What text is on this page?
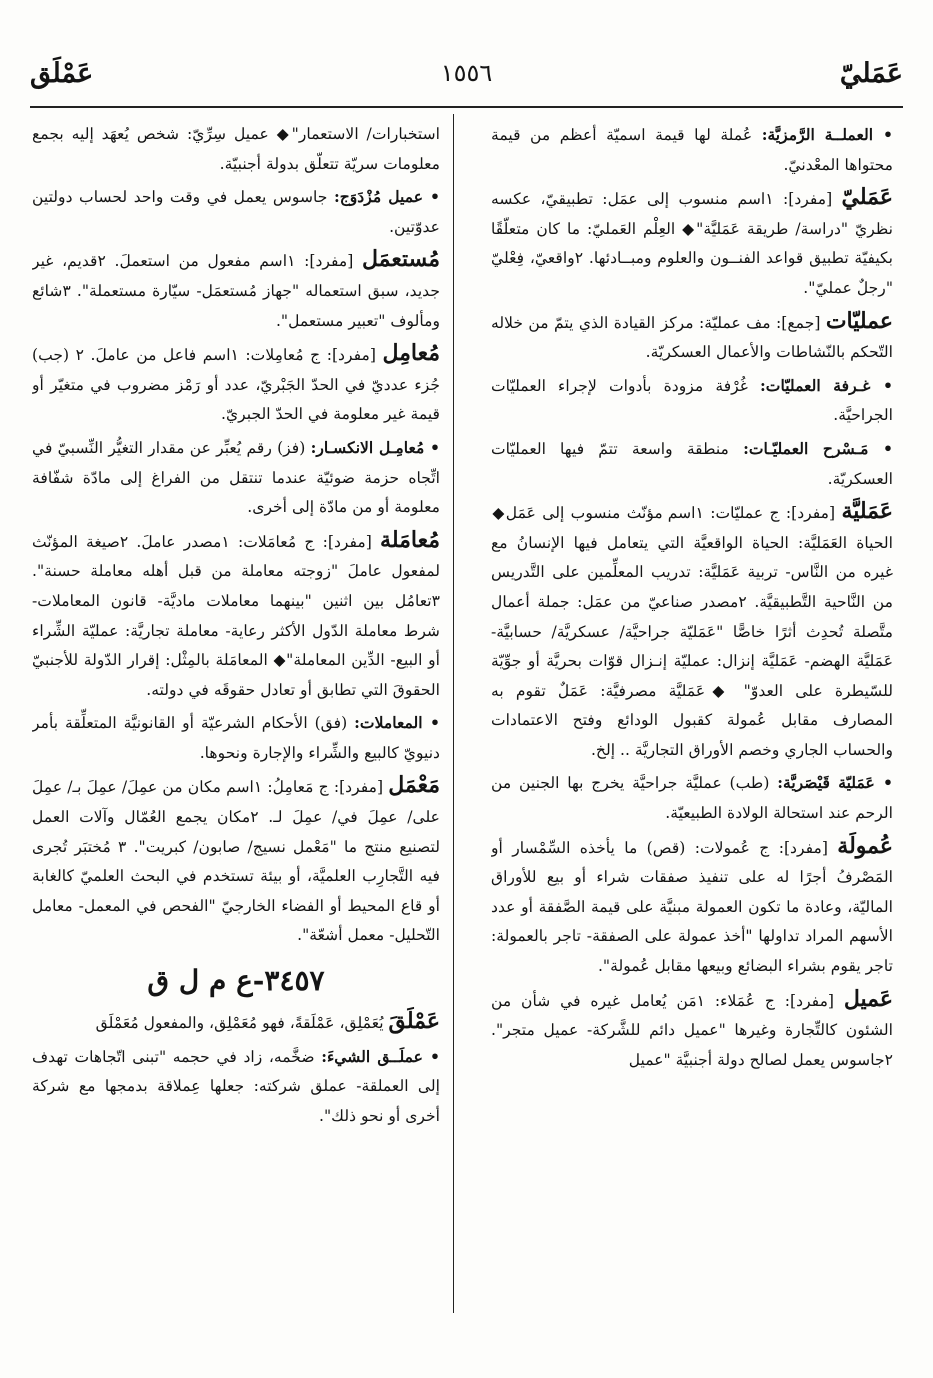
عَمَليّ
١٥٥٦
عَمْلَق
• العملــة الرَّمزيَّة: عُملة لها قيمة اسميّة أعظم من قيمة محتواها المعْدنيّ.
عَمَليّ [مفرد]: ١اسم منسوب إلى عمَل: تطبيقيّ، عكسه نظريّ "دراسة/ طريقة عَمَليَّة"◆ العِلْم العَمليّ: ما كان متعلّقًا بكيفيّة تطبيق قواعد الفنــون والعلوم ومبــادئها. ٢واقعيّ، فِعْليّ "رجلٌ عمليّ".
عمليّات [جمع]: مف عمليّة: مركز القيادة الذي يتمّ من خلاله التّحكم بالنّشاطات والأعمال العسكريّة.
• غـرفة العمليّات: غُرْفة مزودة بأدوات لإجراء العمليّات الجراحيَّة.
• مَـسْرح العمليّـات: منطقة واسعة تتمّ فيها العمليّات العسكريّة.
عَمَليَّة [مفرد]: ج عمليّات: ١اسم مؤنّث منسوب إلى عَمَل◆ الحياة العَمَليَّة: الحياة الواقعيَّة التي يتعامل فيها الإنسانُ مع غيره من النَّاس- تربية عَمَليَّة: تدريب المعلِّمين على التَّدريس من النَّاحية التَّطبيقيَّة. ٢مصدر صناعيّ من عمَل: جملة أعمال متَّصلة تُحدِث أثرًا خاصًّا "عَمَليّة جراحيَّة/ عسكريَّة/ حسابيَّة- عَمَليَّة الهضم- عَمَليَّة إنزال: عمليّة إنـزال قوّات بحريَّة أو جوِّيّة للسّيطرة على العدوّ" ◆عَمَليَّة مصرفيَّة: عَمَلٌ تقوم به المصارف مقابل عُمولة كقبول الودائع وفتح الاعتمادات والحساب الجاري وخصم الأوراق التجاريَّة .. إلخ.
• عَمَليّة قَيْصَريَّة: (طب) عمليَّة جراحيَّة يخرج بها الجنين من الرحم عند استحالة الولادة الطبيعيّة.
عُمولَة [مفرد]: ج عُمولات: (قص) ما يأخذه السِّمْسار أو المَصْرفُ أجرًا له على تنفيذ صفقات شراء أو بيع للأوراق الماليّة، وعادة ما تكون العمولة مبنيَّة على قيمة الصَّفقة أو عدد الأسهم المراد تداولها "أخذ عمولة على الصفقة- تاجر بالعمولة: تاجر يقوم بشراء البضائع وبيعها مقابل عُمولة".
عَميل [مفرد]: ج عُمَلاء: ١مَن يُعامل غيره في شأن من الشئون كالتِّجارة وغيرها "عميل دائم للشَّركة- عميل متجر". ٢جاسوس يعمل لصالح دولة أجنبيَّة "عميل
استخبارات/ الاستعمار"◆ عميل سِرِّيّ: شخص يُعهَد إليه بجمع معلومات سريّة تتعلّق بدولة أجنبيّة.
• عميل مُزْدَوَج: جاسوس يعمل في وقت واحد لحساب دولتين عدوّتين.
مُستعمَل [مفرد]: ١اسم مفعول من استعملَ. ٢قديم، غير جديد، سبق استعماله "جهاز مُستعمَل- سيّارة مستعملة". ٣شائع ومألوف "تعبير مستعمل".
مُعامِل [مفرد]: ج مُعامِلات: ١اسم فاعل من عاملَ. ٢ (جب) جُزء عدديّ في الحدّ الجَبْريّ، عدد أو رَمْز مضروب في متغيّر أو قيمة غير معلومة في الحدّ الجبريّ.
• مُعامِـل الانكسـار: (فز) رقم يُعبِّر عن مقدار التغيُّر النِّسبيّ في اتِّجاه حزمة ضوئيّة عندما تنتقل من الفراغ إلى مادّة شفّافة معلومة أو من مادّة إلى أخرى.
مُعامَلة [مفرد]: ج مُعامَلات: ١مصدر عاملَ. ٢صيغة المؤنّث لمفعول عاملَ "زوجته معاملة من قبل أهله معاملة حسنة". ٣تعامُل بين اثنين "بينهما معاملات ماديَّة- قانون المعاملات- شرط معاملة الدّول الأكثر رعاية- معاملة تجاريَّة: عمليّة الشِّراء أو البيع- الدِّين المعاملة"◆ المعامَلة بالمِثْل: إقرار الدّولة للأجنبيّ الحقوقَ التي تطابق أو تعادل حقوقَه في دولته.
• المعاملات: (فق) الأحكام الشرعيّة أو القانونيَّة المتعلِّقة بأمر دنيويّ كالبيع والشِّراء والإجارة ونحوها.
مَعْمَل [مفرد]: ج مَعامِلُ: ١اسم مكان من عمِلَ/ عمِلَ بـ/ عمِلَ على/ عمِلَ في/ عمِلَ لـ. ٢مكان يجمع العُمّال وآلات العمل لتصنيع منتج ما "مَعْمل نسيج/ صابون/ كبريت". ٣ مُختبَر تُجرى فيه التَّجارِب العلميَّة، أو بيئة تستخدم في البحث العلميّ كالغابة أو قاع المحيط أو الفضاء الخارجيّ "الفحص في المعمل- معامل التّحليل- معمل أشعّة".
٣٤٥٧-ع م ل ق
عَمْلَقَ يُعَمْلِق، عَمْلَقةً، فهو مُعَمْلِق، والمفعول مُعَمْلَق
• عملَــق الشيءَ: ضخَّمه، زاد في حجمه "تبنى اتّجاهات تهدف إلى العملقة- عملق شركته: جعلها عِملاقة بدمجها مع شركة أخرى أو نحو ذلك".
